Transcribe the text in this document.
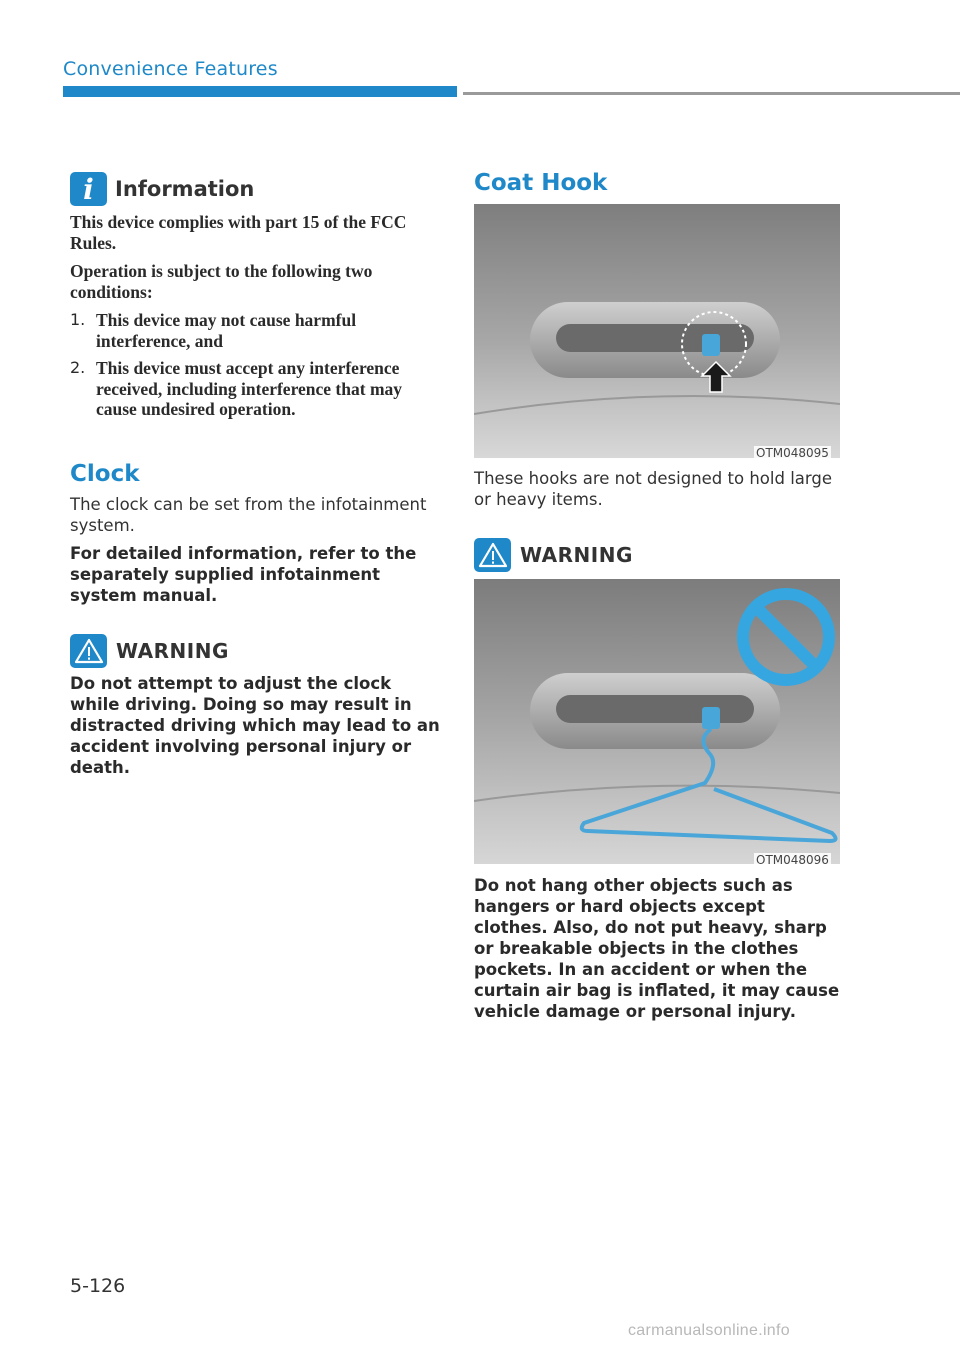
Convenience Features
i	Information
This device complies with part 15 of the FCC Rules.
Operation is subject to the following two conditions:
1. This device may not cause harmful interference, and
2. This device must accept any interference received, including interference that may cause undesired operation.
Clock
The clock can be set from the infotainment system.
For detailed information, refer to the separately supplied infotainment system manual.
WARNING
Do not attempt to adjust the clock while driving. Doing so may result in distracted driving which may lead to an accident involving personal injury or death.
Coat Hook
OTM048095
These hooks are not designed to hold large or heavy items.
WARNING
OTM048096
Do not hang other objects such as hangers or hard objects except clothes. Also, do not put heavy, sharp or breakable objects in the clothes pockets. In an accident or when the curtain air bag is inflated, it may cause vehicle damage or personal injury.
5-126
carmanualsonline.info
